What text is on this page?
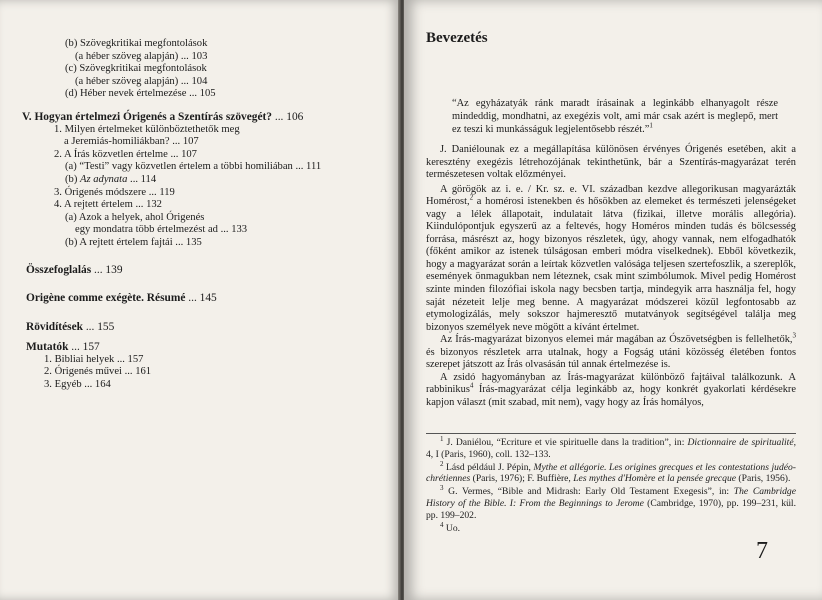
(b) Szövegkritikai megfontolások
(a héber szöveg alapján) ... 103
(c) Szövegkritikai megfontolások
(a héber szöveg alapján) ... 104
(d) Héber nevek értelmezése ... 105
V. Hogyan értelmezi Órigenés a Szentírás szövegét? ... 106
1. Milyen értelmeket különböztethetők meg
a Jeremiás-homiliákban? ... 107
2. A Írás közvetlen értelme ... 107
(a) “Testi” vagy közvetlen értelem a többi homiliában ... 111
(b) Az adynata ... 114
3. Órigenés módszere ... 119
4. A rejtett értelem ... 132
(a) Azok a helyek, ahol Órigenés
egy mondatra több értelmezést ad ... 133
(b) A rejtett értelem fajtái ... 135
Összefoglalás ... 139
Origène comme exégète. Résumé ... 145
Rövidítések ... 155
Mutatók ... 157
1. Bibliai helyek ... 157
2. Órigenés művei ... 161
3. Egyéb ... 164
Bevezetés
“Az egyházatyák ránk maradt írásainak a leginkább elhanyagolt része mindeddig, mondhatni, az exegézis volt, ami már csak azért is meglepő, mert ez teszi ki munkásságuk legjelentősebb részét.”$^1$

J. Daniélounak ez a megállapítása különösen érvényes Órigenés esetében, akit a keresztény exegézis létrehozójának tekinthetünk, bár a Szentírás-magyarázat terén természetesen voltak előzményei.

A görögök az i. e. / Kr. sz. e. VI. században kezdve allegorikusan magyarázták Homérost,$^2$ a homérosi istenekben és hősökben az elemeket és természeti jelenségeket vagy a lélek állapotait, indulatait látva (fizikai, illetve morális allegória). Kiindulópontjuk egyszerű az a feltevés, hogy Homéros minden tudás és bölcsesség forrása, másrészt az, hogy bizonyos részletek, úgy, ahogy vannak, nem elfogadhatók (főként amikor az istenek túlságosan emberi módra viselkednek). Ebből következik, hogy a magyarázat során a leírtak közvetlen valósága teljesen szertefoszlik, a szereplők, események önmagukban nem léteznek, csak mint szimbólumok. Mivel pedig Homérost szinte minden filozófiai iskola nagy becsben tartja, mindegyik arra használja fel, hogy saját nézeteit lelje meg benne. A magyarázat módszerei közül legfontosabb az etymologizálás, mely sokszor hajmeresztő mutatványok segítségével találja meg bizonyos személyek neve mögött a kívánt értelmet.

Az Írás-magyarázat bizonyos elemei már magában az Ószövetségben is fellelhetők,$^3$ és bizonyos részletek arra utalnak, hogy a Fogság utáni közösség életében fontos szerepet játszott az Írás olvasásán túl annak értelmezése is.

A zsidó hagyományban az Írás-magyarázat különböző fajtáival találkozunk. A rabbinikus$^4$ Írás-magyarázat célja leginkább az, hogy konkrét gyakorlati kérdésekre kapjon választ (mit szabad, mit nem), vagy hogy az Írás homályos,

$^1$ J. Daniélou, “Ecriture et vie spirituelle dans la tradition”, in: Dictionnaire de spiritualité, 4, I (Paris, 1960), coll. 132–133.

$^2$ Lásd például J. Pépin, Mythe et allégorie. Les origines grecques et les contestations judéo-chrétiennes (Paris, 1976); F. Buffière, Les mythes d'Homère et la pensée grecque (Paris, 1956).

$^3$ G. Vermes, “Bible and Midrash: Early Old Testament Exegesis”, in: The Cambridge History of the Bible. I: From the Beginnings to Jerome (Cambridge, 1970), pp. 199–231, kül. pp. 199–202.

$^4$ Uo.

7
